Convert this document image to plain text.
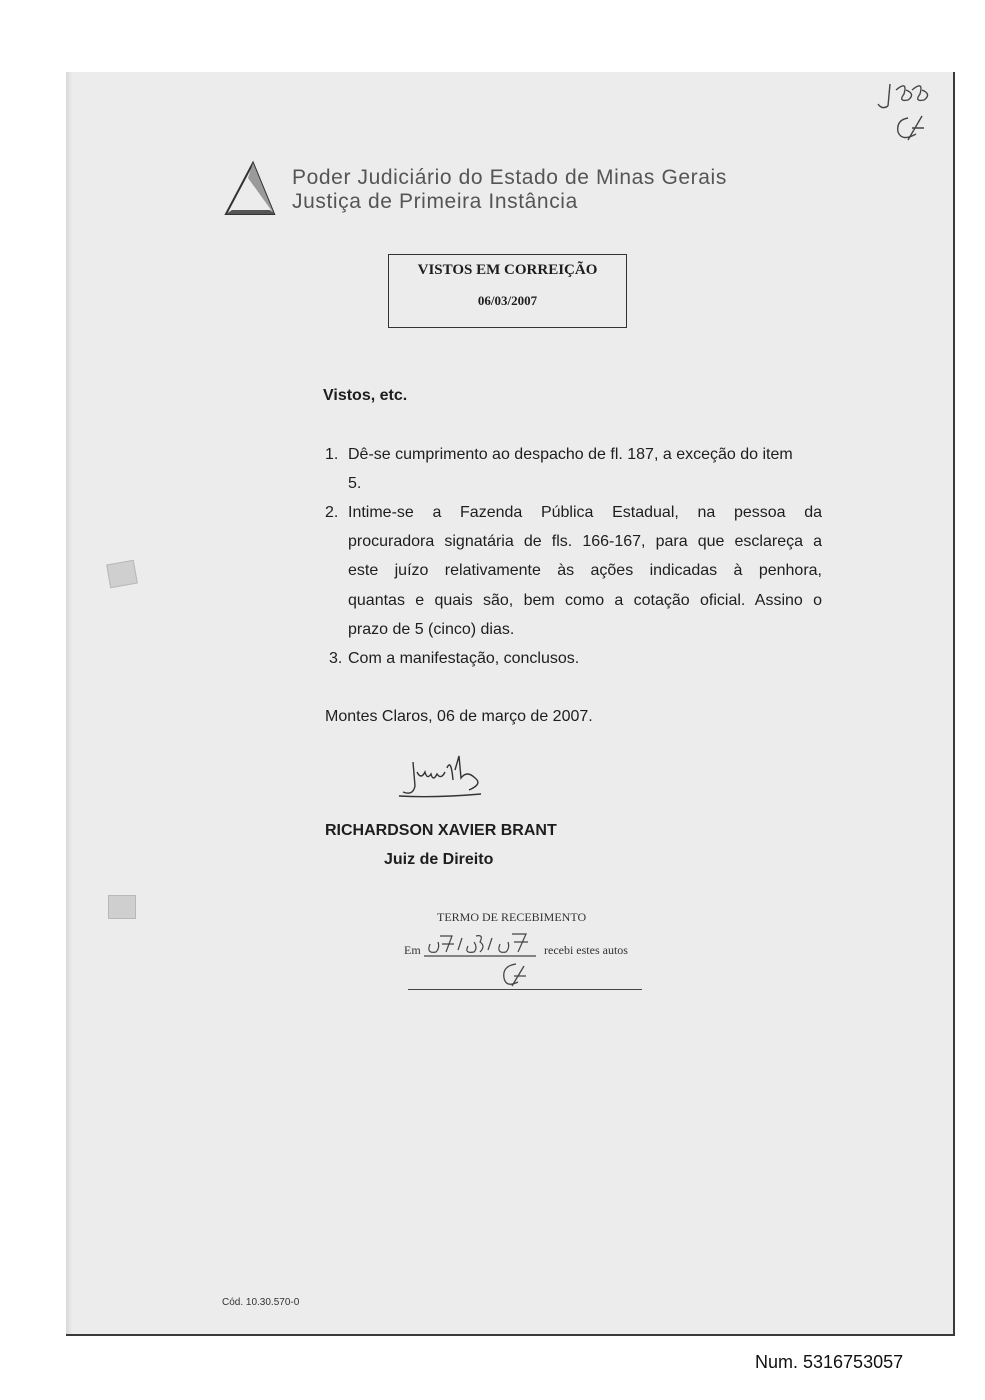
Poder Judiciário do Estado de Minas Gerais
Justiça de Primeira Instância
VISTOS EM CORREIÇÃO
06/03/2007
Vistos, etc.
1. Dê-se cumprimento ao despacho de fl. 187, a exceção do item
5.
2. Intime-se a Fazenda Pública Estadual, na pessoa da
procuradora signatária de fls. 166-167, para que esclareça a
este juízo relativamente às ações indicadas à penhora,
quantas e quais são, bem como a cotação oficial. Assino o
prazo de 5 (cinco) dias.
3. Com a manifestação, conclusos.
Montes Claros, 06 de março de 2007.
RICHARDSON XAVIER BRANT
Juiz de Direito
TERMO DE RECEBIMENTO
Em	recebi estes autos
Cód. 10.30.570-0
Num. 5316753057
